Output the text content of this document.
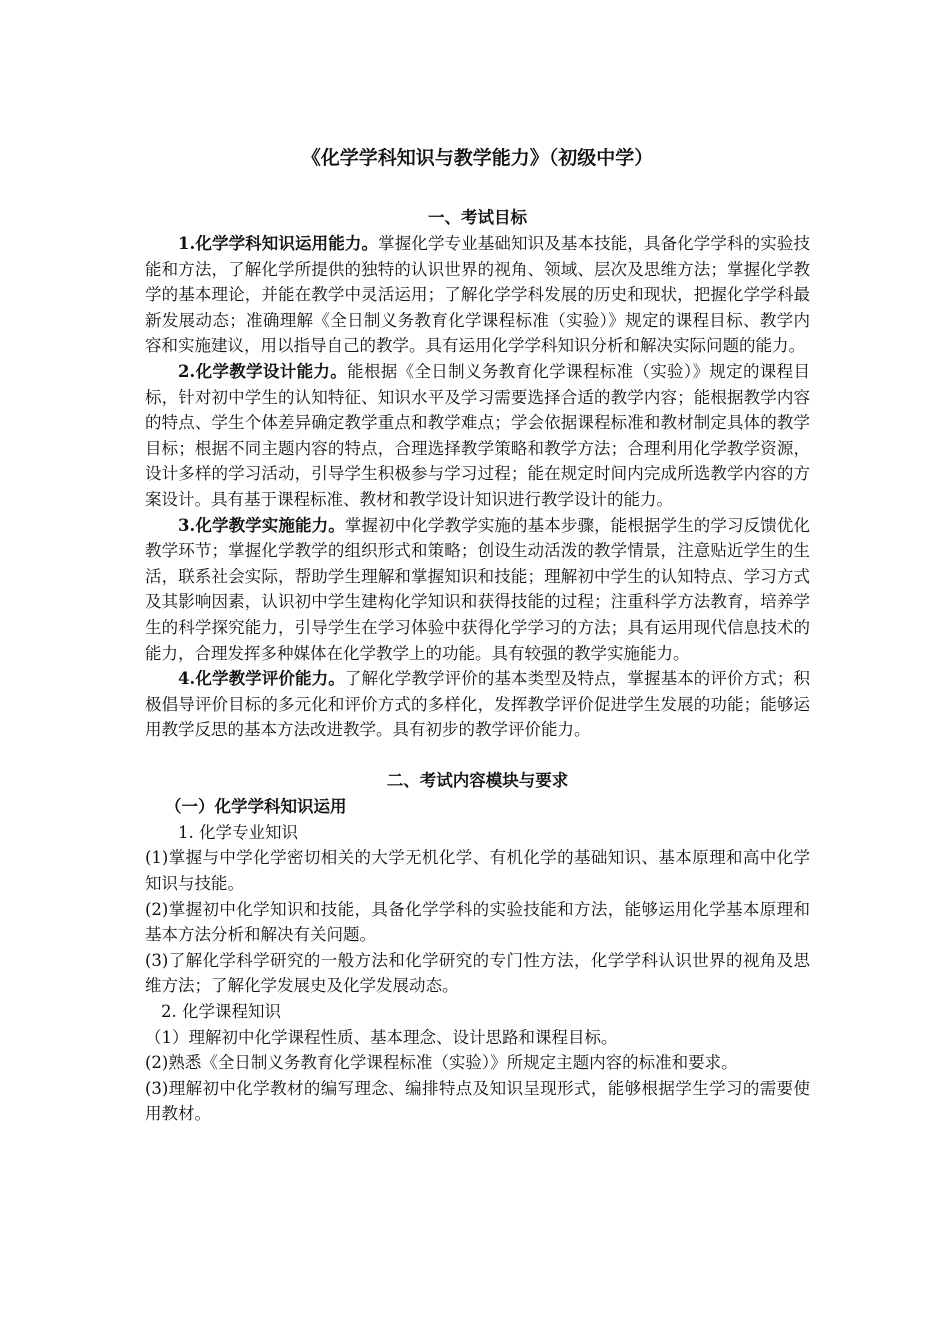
《化学学科知识与教学能力》（初级中学）
一、考试目标

1.化学学科知识运用能力。掌握化学专业基础知识及基本技能，具备化学学科的实验技能和方法，了解化学所提供的独特的认识世界的视角、领域、层次及思维方法；掌握化学教学的基本理论，并能在教学中灵活运用；了解化学学科发展的历史和现状，把握化学学科最新发展动态；准确理解《全日制义务教育化学课程标准（实验）》规定的课程目标、教学内容和实施建议，用以指导自己的教学。具有运用化学学科知识分析和解决实际问题的能力。

2.化学教学设计能力。能根据《全日制义务教育化学课程标准（实验）》规定的课程目标，针对初中学生的认知特征、知识水平及学习需要选择合适的教学内容；能根据教学内容的特点、学生个体差异确定教学重点和教学难点；学会依据课程标准和教材制定具体的教学目标；根据不同主题内容的特点，合理选择教学策略和教学方法；合理利用化学教学资源，设计多样的学习活动，引导学生积极参与学习过程；能在规定时间内完成所选教学内容的方案设计。具有基于课程标准、教材和教学设计知识进行教学设计的能力。

3.化学教学实施能力。掌握初中化学教学实施的基本步骤，能根据学生的学习反馈优化教学环节；掌握化学教学的组织形式和策略；创设生动活泼的教学情景，注意贴近学生的生活，联系社会实际，帮助学生理解和掌握知识和技能；理解初中学生的认知特点、学习方式及其影响因素，认识初中学生建构化学知识和获得技能的过程；注重科学方法教育，培养学生的科学探究能力，引导学生在学习体验中获得化学学习的方法；具有运用现代信息技术的能力，合理发挥多种媒体在化学教学上的功能。具有较强的教学实施能力。

4.化学教学评价能力。了解化学教学评价的基本类型及特点，掌握基本的评价方式；积极倡导评价目标的多元化和评价方式的多样化，发挥教学评价促进学生发展的功能；能够运用教学反思的基本方法改进教学。具有初步的教学评价能力。

二、考试内容模块与要求

（一）化学学科知识运用

1. 化学专业知识

(1)掌握与中学化学密切相关的大学无机化学、有机化学的基础知识、基本原理和高中化学知识与技能。

(2)掌握初中化学知识和技能，具备化学学科的实验技能和方法，能够运用化学基本原理和基本方法分析和解决有关问题。

(3)了解化学科学研究的一般方法和化学研究的专门性方法，化学学科认识世界的视角及思维方法；了解化学发展史及化学发展动态。

2. 化学课程知识

（1）理解初中化学课程性质、基本理念、设计思路和课程目标。

(2)熟悉《全日制义务教育化学课程标准（实验）》所规定主题内容的标准和要求。

(3)理解初中化学教材的编写理念、编排特点及知识呈现形式，能够根据学生学习的需要使用教材。
